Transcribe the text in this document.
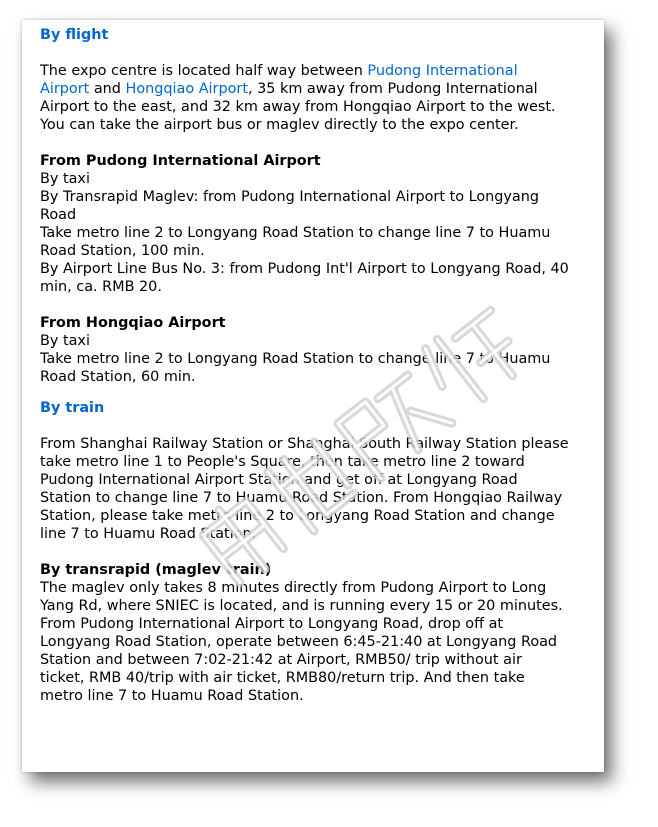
By flight

The expo centre is located half way between Pudong International Airport and Hongqiao Airport, 35 km away from Pudong International Airport to the east, and 32 km away from Hongqiao Airport to the west. You can take the airport bus or maglev directly to the expo center.

From Pudong International Airport

By taxi

By Transrapid Maglev: from Pudong International Airport to Longyang Road

Take metro line 2 to Longyang Road Station to change line 7 to Huamu Road Station, 100 min.

By Airport Line Bus No. 3: from Pudong Int'l Airport to Longyang Road, 40 min, ca. RMB 20.

From Hongqiao Airport

By taxi

Take metro line 2 to Longyang Road Station to change line 7 to Huamu Road Station, 60 min.

By train

From Shanghai Railway Station or Shanghai South Railway Station please take metro line 1 to People's Square, then take metro line 2 toward Pudong International Airport Station and get off at Longyang Road Station to change line 7 to Huamu Road Station. From Hongqiao Railway Station, please take metro line 2 to Longyang Road Station and change line 7 to Huamu Road Station.

By transrapid (maglev train)

The maglev only takes 8 minutes directly from Pudong Airport to Long Yang Rd, where SNIEC is located, and is running every 15 or 20 minutes. From Pudong International Airport to Longyang Road, drop off at Longyang Road Station, operate between 6:45-21:40 at Longyang Road Station and between 7:02-21:42 at Airport, RMB50/ trip without air ticket, RMB 40/trip with air ticket, RMB80/return trip. And then take metro line 7 to Huamu Road Station.
